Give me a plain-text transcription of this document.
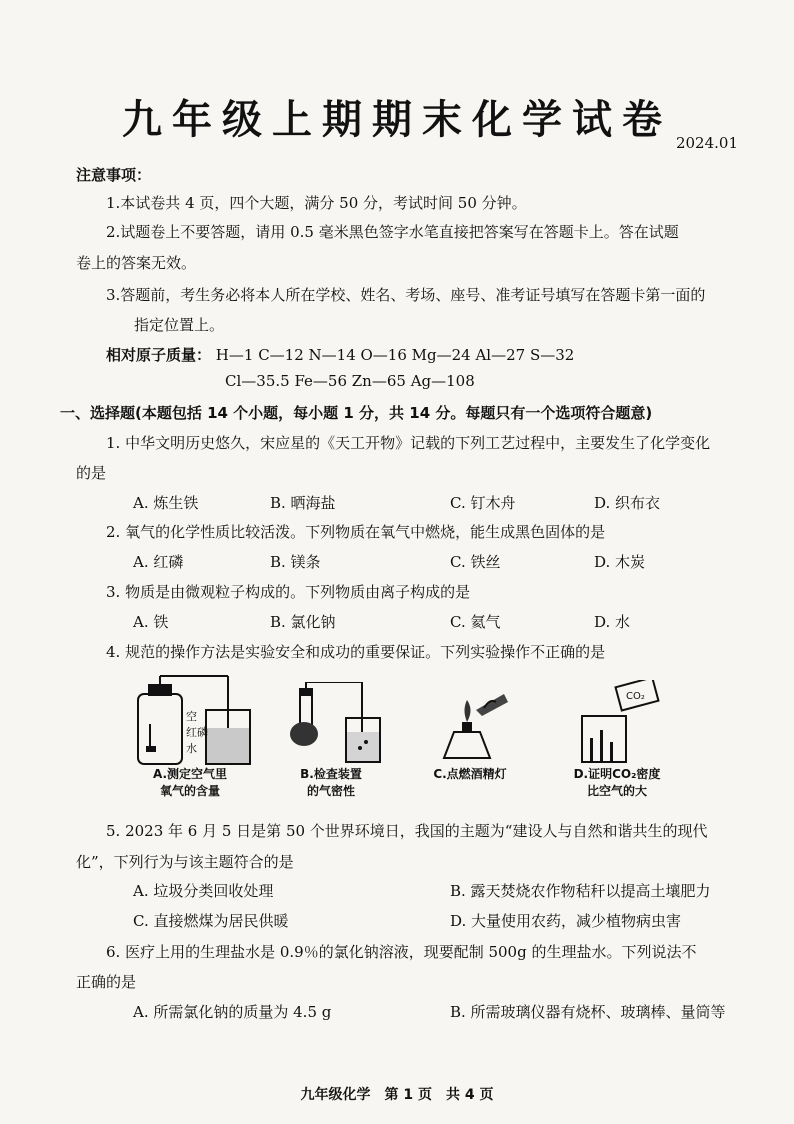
九年级上期期末化学试卷 2024.01
注意事项：
1.本试卷共 4 页，四个大题，满分 50 分，考试时间 50 分钟。
2.试题卷上不要答题，请用 0.5 毫米黑色签字水笔直接把答案写在答题卡上。答在试题
卷上的答案无效。
3.答题前，考生务必将本人所在学校、姓名、考场、座号、准考证号填写在答题卡第一面的
指定位置上。
相对原子质量： H—1 C—12 N—14 O—16 Mg—24 Al—27 S—32
Cl—35.5 Fe—56 Zn—65 Ag—108
一、选择题(本题包括 14 个小题，每小题 1 分，共 14 分。每题只有一个选项符合题意)
1. 中华文明历史悠久，宋应星的《天工开物》记载的下列工艺过程中，主要发生了化学变化
的是
A. 炼生铁	B. 晒海盐	C. 钉木舟	D. 织布衣
2. 氧气的化学性质比较活泼。下列物质在氧气中燃烧，能生成黑色固体的是
A. 红磷	B. 镁条	C. 铁丝	D. 木炭
3. 物质是由微观粒子构成的。下列物质由离子构成的是
A. 铁	B. 氯化钠	C. 氦气	D. 水
4. 规范的操作方法是实验安全和成功的重要保证。下列实验操作不正确的是
空
红磷
水
A.测定空气里
氧气的含量
B.检查装置
的气密性
C.点燃酒精灯
CO₂
D.证明CO₂密度
比空气的大
5. 2023 年 6 月 5 日是第 50 个世界环境日，我国的主题为“建设人与自然和谐共生的现代
化”，下列行为与该主题符合的是
A. 垃圾分类回收处理	B. 露天焚烧农作物秸秆以提高土壤肥力
C. 直接燃煤为居民供暖	D. 大量使用农药，减少植物病虫害
6. 医疗上用的生理盐水是 0.9％的氯化钠溶液，现要配制 500g 的生理盐水。下列说法不
正确的是
A. 所需氯化钠的质量为 4.5 g	B. 所需玻璃仪器有烧杯、玻璃棒、量筒等
九年级化学　第 1 页　共 4 页
